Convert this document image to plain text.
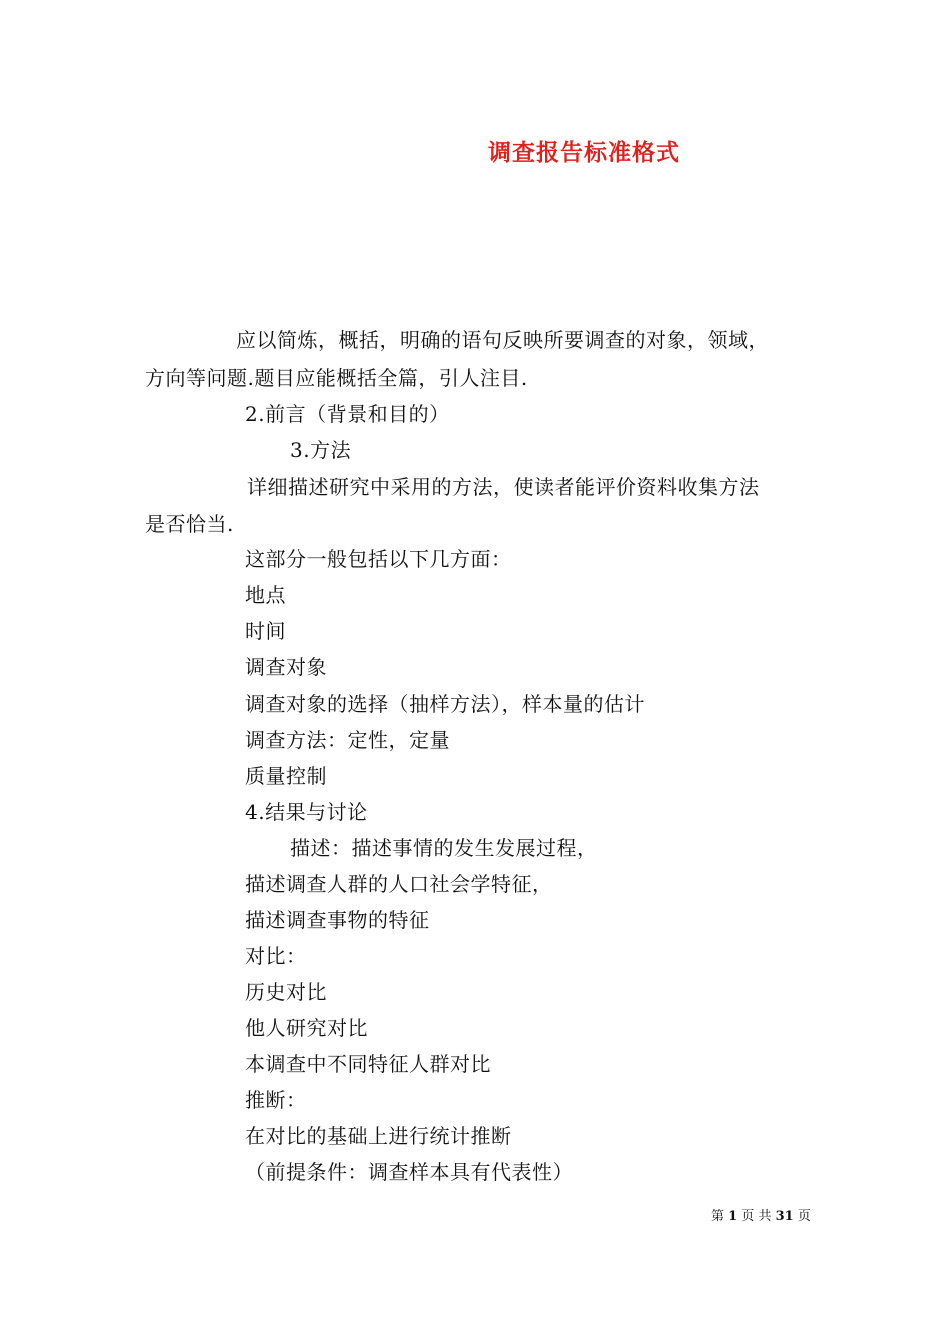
调查报告标准格式
应以简炼，概括，明确的语句反映所要调查的对象，领域，
方向等问题.题目应能概括全篇，引人注目.
2.前言（背景和目的）
3.方法
详细描述研究中采用的方法，使读者能评价资料收集方法
是否恰当.
这部分一般包括以下几方面：
地点
时间
调查对象
调查对象的选择（抽样方法），样本量的估计
调查方法：定性，定量
质量控制
4.结果与讨论
描述：描述事情的发生发展过程，
描述调查人群的人口社会学特征，
描述调查事物的特征
对比：
历史对比
他人研究对比
本调查中不同特征人群对比
推断：
在对比的基础上进行统计推断
（前提条件：调查样本具有代表性）
第 1 页 共 31 页
